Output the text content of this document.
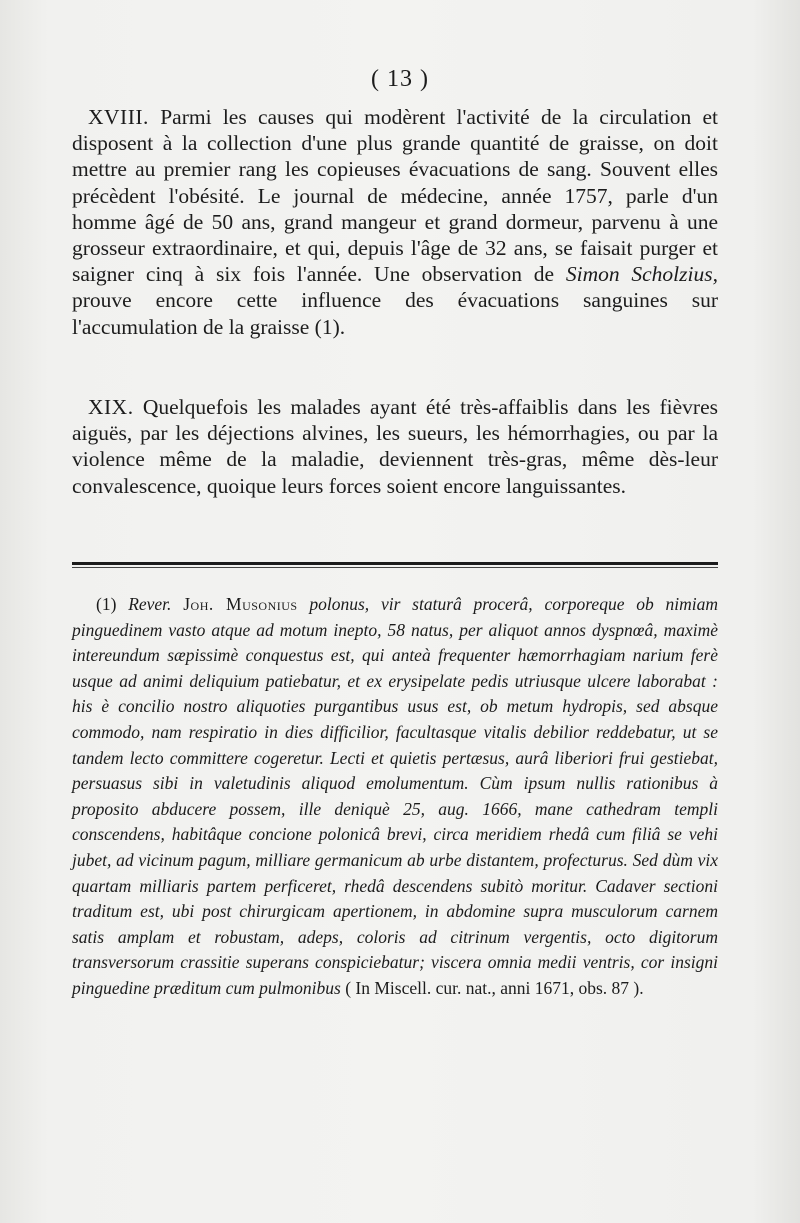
( 13 )

XVIII. Parmi les causes qui modèrent l'activité de la circulation et disposent à la collection d'une plus grande quantité de graisse, on doit mettre au premier rang les copieuses évacuations de sang. Souvent elles précèdent l'obésité. Le journal de médecine, année 1757, parle d'un homme âgé de 50 ans, grand mangeur et grand dormeur, parvenu à une grosseur extraordinaire, et qui, depuis l'âge de 32 ans, se faisait purger et saigner cinq à six fois l'année. Une observation de Simon Scholzius, prouve encore cette influence des évacuations sanguines sur l'accumulation de la graisse (1).

XIX. Quelquefois les malades ayant été très-affaiblis dans les fièvres aiguës, par les déjections alvines, les sueurs, les hémorrhagies, ou par la violence même de la maladie, deviennent très-gras, même dès-leur convalescence, quoique leurs forces soient encore languissantes.

(1) Rever. Joh. Musonius polonus, vir staturâ procerâ, corporeque ob nimiam pinguedinem vasto atque ad motum inepto, 58 natus, per aliquot annos dyspnœâ, maximè intereundum sæpissimè conquestus est, qui anteà frequenter hæmorrhagiam narium ferè usque ad animi deliquium patiebatur, et ex erysipelate pedis utriusque ulcere laborabat : his è concilio nostro aliquoties purgantibus usus est, ob metum hydropis, sed absque commodo, nam respiratio in dies difficilior, facultasque vitalis debilior reddebatur, ut se tandem lecto committere cogeretur. Lecti et quietis pertæsus, aurâ liberiori frui gestiebat, persuasus sibi in valetudinis aliquod emolumentum. Cùm ipsum nullis rationibus à proposito abducere possem, ille deniquè 25, aug. 1666, mane cathedram templi conscendens, habitâque concione polonicâ brevi, circa meridiem rhedâ cum filiâ se vehi jubet, ad vicinum pagum, milliare germanicum ab urbe distantem, profecturus. Sed dùm vix quartam milliaris partem perficeret, rhedâ descendens subitò moritur. Cadaver sectioni traditum est, ubi post chirurgicam apertionem, in abdomine supra musculorum carnem satis amplam et robustam, adeps, coloris ad citrinum vergentis, octo digitorum transversorum crassitie superans conspiciebatur; viscera omnia medii ventris, cor insigni pinguedine præditum cum pulmonibus ( In Miscell. cur. nat., anni 1671, obs. 87 ).
